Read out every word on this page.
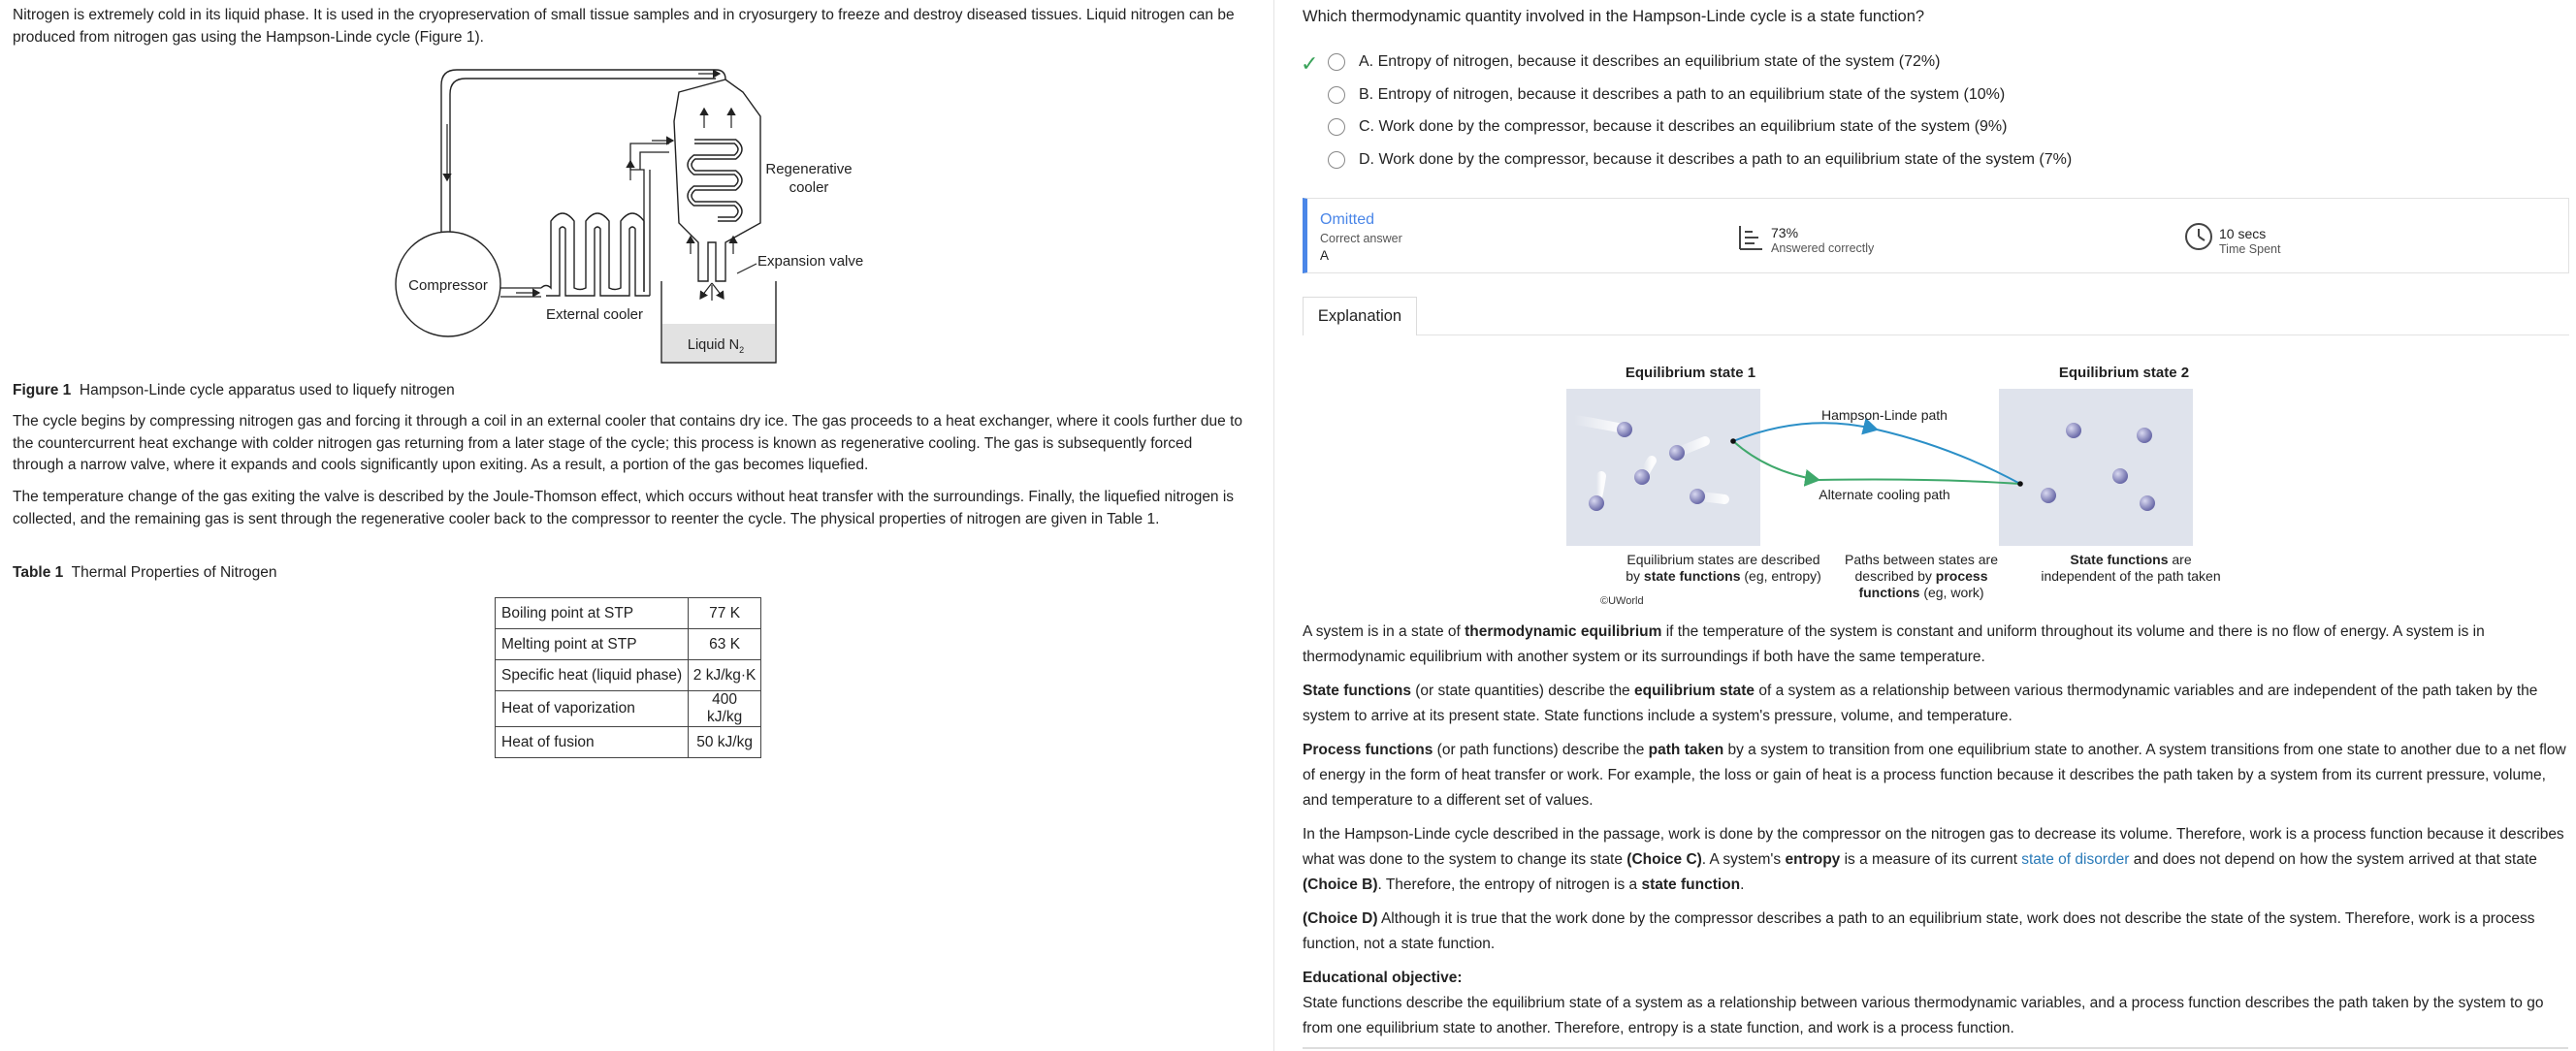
Nitrogen is extremely cold in its liquid phase. It is used in the cryopreservation of small tissue samples and in cryosurgery to freeze and destroy diseased tissues. Liquid nitrogen can be produced from nitrogen gas using the Hampson-Linde cycle (Figure 1).

Compressor
External cooler
Expansion valve
Regenerative
cooler
Liquid $N_2$

Figure 1 Hampson-Linde cycle apparatus used to liquefy nitrogen

The cycle begins by compressing nitrogen gas and forcing it through a coil in an external cooler that contains dry ice. The gas proceeds to a heat exchanger, where it cools further due to the countercurrent heat exchange with colder nitrogen gas returning from a later stage of the cycle; this process is known as regenerative cooling. The gas is subsequently forced through a narrow valve, where it expands and cools significantly upon exiting. As a result, a portion of the gas becomes liquefied.

The temperature change of the gas exiting the valve is described by the Joule-Thomson effect, which occurs without heat transfer with the surroundings. Finally, the liquefied nitrogen is collected, and the remaining gas is sent through the regenerative cooler back to the compressor to reenter the cycle. The physical properties of nitrogen are given in Table 1.

Table 1 Thermal Properties of Nitrogen

Boiling point at STP	77 K
Melting point at STP	63 K
Specific heat (liquid phase)	2 kJ/kg·K
Heat of vaporization	400 kJ/kg
Heat of fusion	50 kJ/kg

Which thermodynamic quantity involved in the Hampson-Linde cycle is a state function?

✓	A.
Entropy of nitrogen, because it describes an equilibrium state of the system
(72%)
B.
Entropy of nitrogen, because it describes a path to an equilibrium state of the system
(10%)
C.
Work done by the compressor, because it describes an equilibrium state of the system
(9%)
D.
Work done by the compressor, because it describes a path to an equilibrium state of the system
(7%)
Omitted
Correct answer
A
73%
Answered correctly
10 secs
Time Spent
Explanation
Equilibrium state 1	Equilibrium state 2
Hampson-Linde path
Alternate cooling path
Equilibrium states are described
by state functions (eg, entropy)
Paths between states are
described by process
functions (eg, work)
State functions are
independent of the path taken
©UWorld

A system is in a state of thermodynamic equilibrium if the temperature of the system is constant and uniform throughout its volume and there is no flow of energy. A system is in thermodynamic equilibrium with another system or its surroundings if both have the same temperature.

State functions (or state quantities) describe the equilibrium state of a system as a relationship between various thermodynamic variables and are independent of the path taken by the system to arrive at its present state. State functions include a system's pressure, volume, and temperature.

Process functions (or path functions) describe the path taken by a system to transition from one equilibrium state to another. A system transitions from one state to another due to a net flow of energy in the form of heat transfer or work. For example, the loss or gain of heat is a process function because it describes the path taken by a system from its current pressure, volume, and temperature to a different set of values.

In the Hampson-Linde cycle described in the passage, work is done by the compressor on the nitrogen gas to decrease its volume. Therefore, work is a process function because it describes what was done to the system to change its state (Choice C). A system's entropy is a measure of its current state of disorder and does not depend on how the system arrived at that state (Choice B). Therefore, the entropy of nitrogen is a state function.

(Choice D) Although it is true that the work done by the compressor describes a path to an equilibrium state, work does not describe the state of the system. Therefore, work is a process function, not a state function.

Educational objective:

State functions describe the equilibrium state of a system as a relationship between various thermodynamic variables, and a process function describes the path taken by the system to go from one equilibrium state to another. Therefore, entropy is a state function, and work is a process function.
